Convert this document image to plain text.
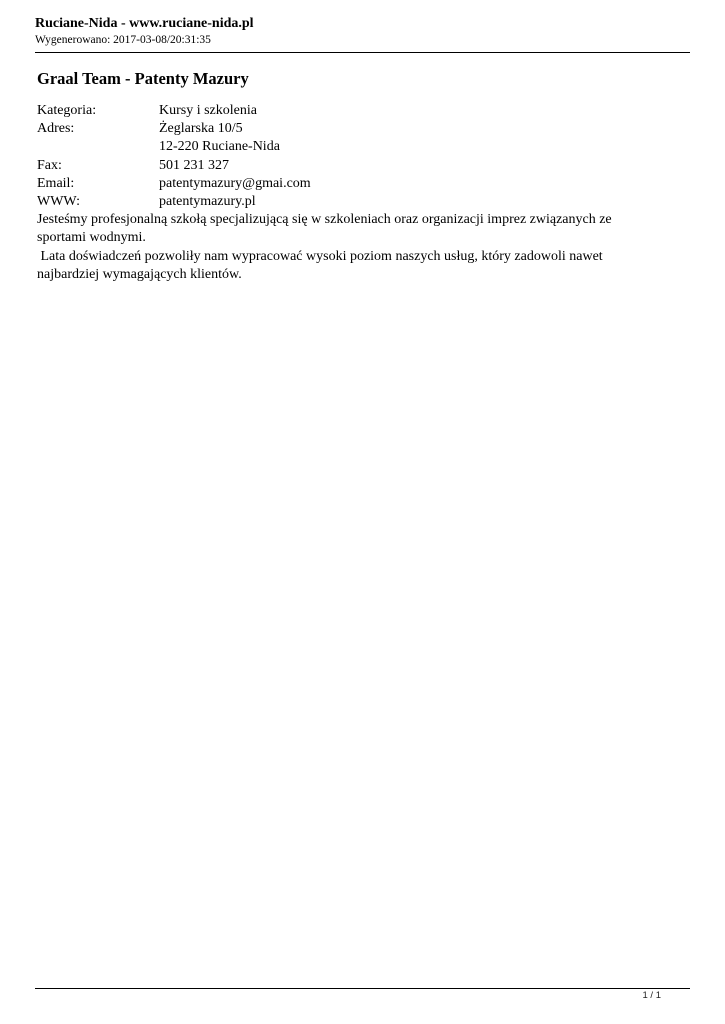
Ruciane-Nida - www.ruciane-nida.pl
Wygenerowano: 2017-03-08/20:31:35
Graal Team - Patenty Mazury
Kategoria:	Kursy i szkolenia
Adres:	Żeglarska 10/5
12-220 Ruciane-Nida
Fax:	501 231 327
Email:	patentymazury@gmai.com
WWW:	patentymazury.pl

Jesteśmy profesjonalną szkołą specjalizującą się w szkoleniach oraz organizacji imprez związanych ze sportami wodnymi.

Lata doświadczeń pozwoliły nam wypracować wysoki poziom naszych usług, który zadowoli nawet najbardziej wymagających klientów.

1 / 1
